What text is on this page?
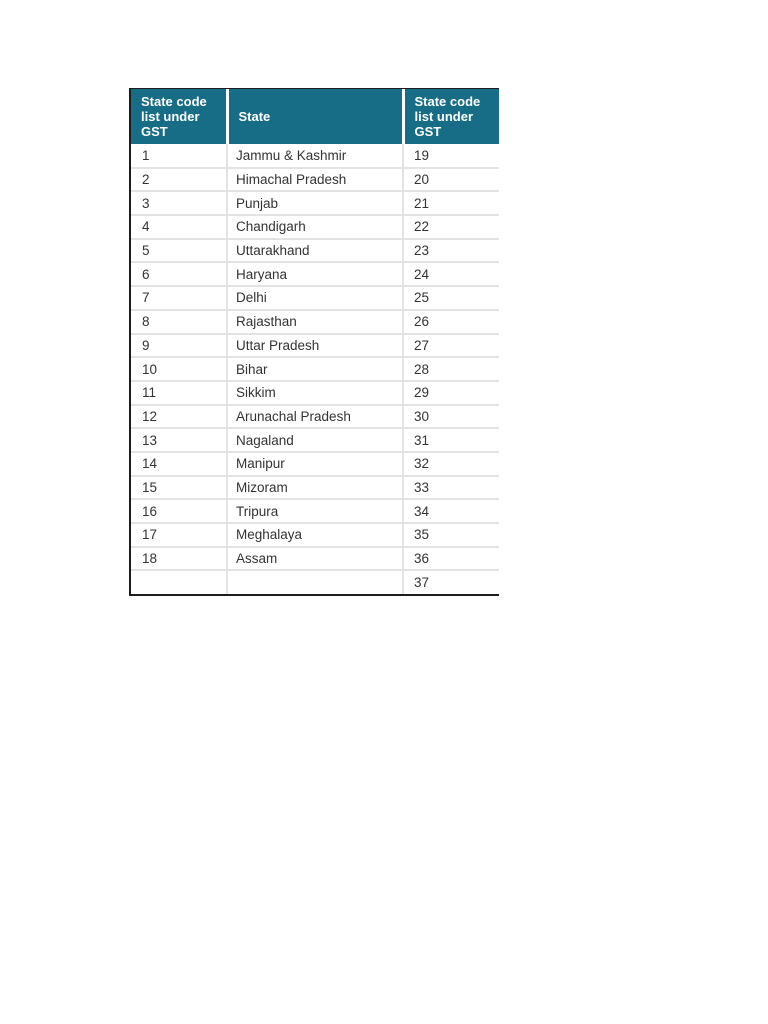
State code list under GST	State	State code list under GST
1	Jammu & Kashmir	19
2	Himachal Pradesh	20
3	Punjab	21
4	Chandigarh	22
5	Uttarakhand	23
6	Haryana	24
7	Delhi	25
8	Rajasthan	26
9	Uttar Pradesh	27
10	Bihar	28
11	Sikkim	29
12	Arunachal Pradesh	30
13	Nagaland	31
14	Manipur	32
15	Mizoram	33
16	Tripura	34
17	Meghalaya	35
18	Assam	36
		37
